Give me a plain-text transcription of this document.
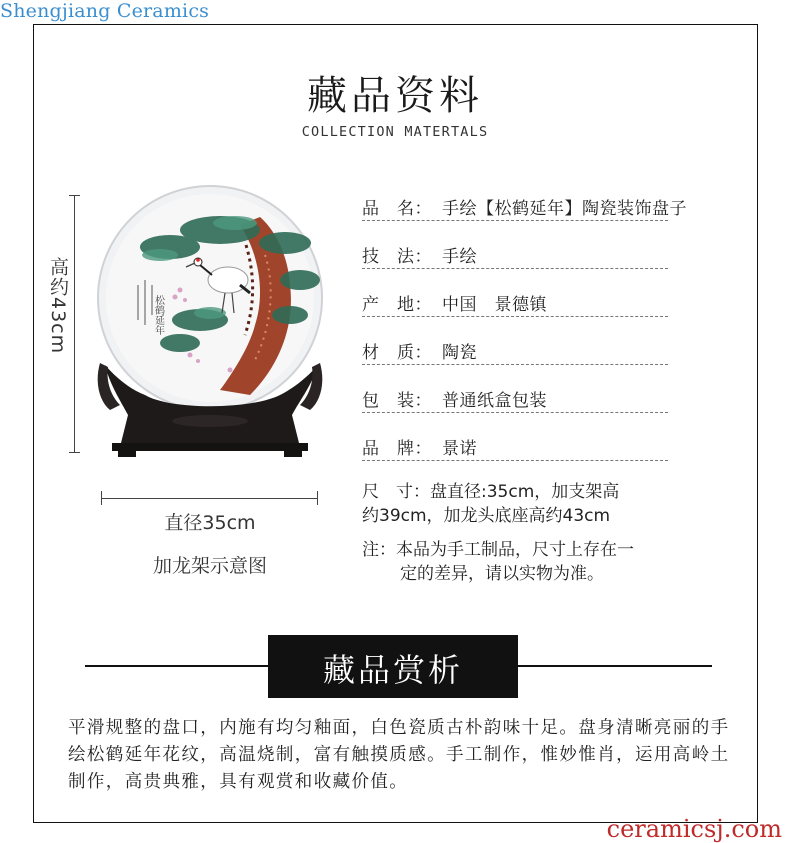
Shengjiang Ceramics
藏品资料
COLLECTION MATERTALS
松鹤延年
高约43cm
直径35cm
加龙架示意图
品　名： 手绘【松鹤延年】陶瓷装饰盘子
技　法： 手绘
产　地： 中国　景德镇
材　质： 陶瓷
包　装： 普通纸盒包装
品　牌： 景诺
尺　寸：盘直径:35cm，加支架高
约39cm，加龙头底座高约43cm
注：本品为手工制品，尺寸上存在一
定的差异，请以实物为准。
藏品赏析
平滑规整的盘口，内施有均匀釉面，白色瓷质古朴韵味十足。盘身清晰亮丽的手绘松鹤延年花纹，高温烧制，富有触摸质感。手工制作，惟妙惟肖，运用高岭土制作，高贵典雅，具有观赏和收藏价值。
ceramicsj.com
